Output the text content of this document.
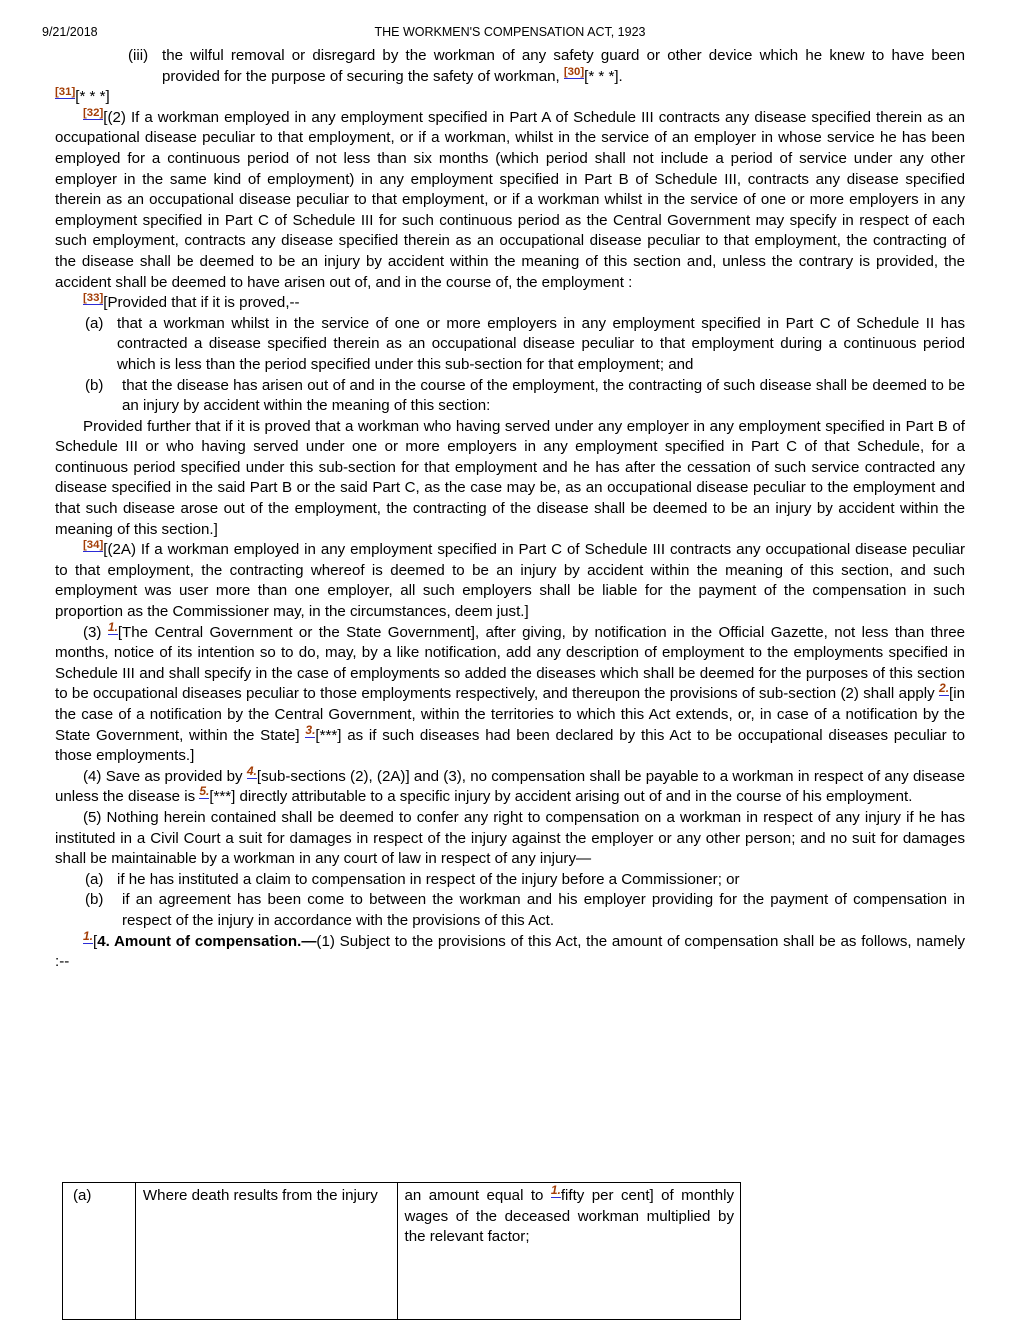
9/21/2018	THE WORKMEN'S COMPENSATION ACT, 1923
(iii) the wilful removal or disregard by the workman of any safety guard or other device which he knew to have been provided for the purpose of securing the safety of workman, [30][* * *].

[31][* * *]

[32][(2) If a workman employed in any employment specified in Part A of Schedule III contracts any disease specified therein as an occupational disease peculiar to that employment, or if a workman, whilst in the service of an employer in whose service he has been employed for a continuous period of not less than six months (which period shall not include a period of service under any other employer in the same kind of employment) in any employment specified in Part B of Schedule III, contracts any disease specified therein as an occupational disease peculiar to that employment, or if a workman whilst in the service of one or more employers in any employment specified in Part C of Schedule III for such continuous period as the Central Government may specify in respect of each such employment, contracts any disease specified therein as an occupational disease peculiar to that employment, the contracting of the disease shall be deemed to be an injury by accident within the meaning of this section and, unless the contrary is provided, the accident shall be deemed to have arisen out of, and in the course of, the employment :

[33][Provided that if it is proved,--

(a) that a workman whilst in the service of one or more employers in any employment specified in Part C of Schedule II has contracted a disease specified therein as an occupational disease peculiar to that employment during a continuous period which is less than the period specified under this sub-section for that employment; and
(b)	that the disease has arisen out of and in the course of the employment, the contracting of such disease shall be deemed to be an injury by accident within the meaning of this section:

Provided further that if it is proved that a workman who having served under any employer in any employment specified in Part B of Schedule III or who having served under one or more employers in any employment specified in Part C of that Schedule, for a continuous period specified under this sub-section for that employment and he has after the cessation of such service contracted any disease specified in the said Part B or the said Part C, as the case may be, as an occupational disease peculiar to the employment and that such disease arose out of the employment, the contracting of the disease shall be deemed to be an injury by accident within the meaning of this section.]

[34][(2A) If a workman employed in any employment specified in Part C of Schedule III contracts any occupational disease peculiar to that employment, the contracting whereof is deemed to be an injury by accident within the meaning of this section, and such employment was user more than one employer, all such employers shall be liable for the payment of the compensation in such proportion as the Commissioner may, in the circumstances, deem just.]

(3) $^{1.}$[The Central Government or the State Government], after giving, by notification in the Official Gazette, not less than three months, notice of its intention so to do, may, by a like notification, add any description of employment to the employments specified in Schedule III and shall specify in the case of employments so added the diseases which shall be deemed for the purposes of this section to be occupational diseases peculiar to those employments respectively, and thereupon the provisions of sub-section (2) shall apply $^{2.}$[in the case of a notification by the Central Government, within the territories to which this Act extends, or, in case of a notification by the State Government, within the State] $^{3.}$[***] as if such diseases had been declared by this Act to be occupational diseases peculiar to those employments.]

(4) Save as provided by $^{4.}$[sub-sections (2), (2A)] and (3), no compensation shall be payable to a workman in respect of any disease unless the disease is $^{5.}$[***] directly attributable to a specific injury by accident arising out of and in the course of his employment.

(5) Nothing herein contained shall be deemed to confer any right to compensation on a workman in respect of any injury if he has instituted in a Civil Court a suit for damages in respect of the injury against the employer or any other person; and no suit for damages shall be maintainable by a workman in any court of law in respect of any injury—

(a) if he has instituted a claim to compensation in respect of the injury before a Commissioner; or
(b)	if an agreement has been come to between the workman and his employer providing for the payment of compensation in respect of the injury in accordance with the provisions of this Act.

$^{1.}$[4. Amount of compensation.—(1) Subject to the provisions of this Act, the amount of compensation shall be as follows, namely :--

(a)	Where death results from the injury	an amount equal to $^{1.}$fifty per cent] of monthly wages of the deceased workman multiplied by the relevant factor;
